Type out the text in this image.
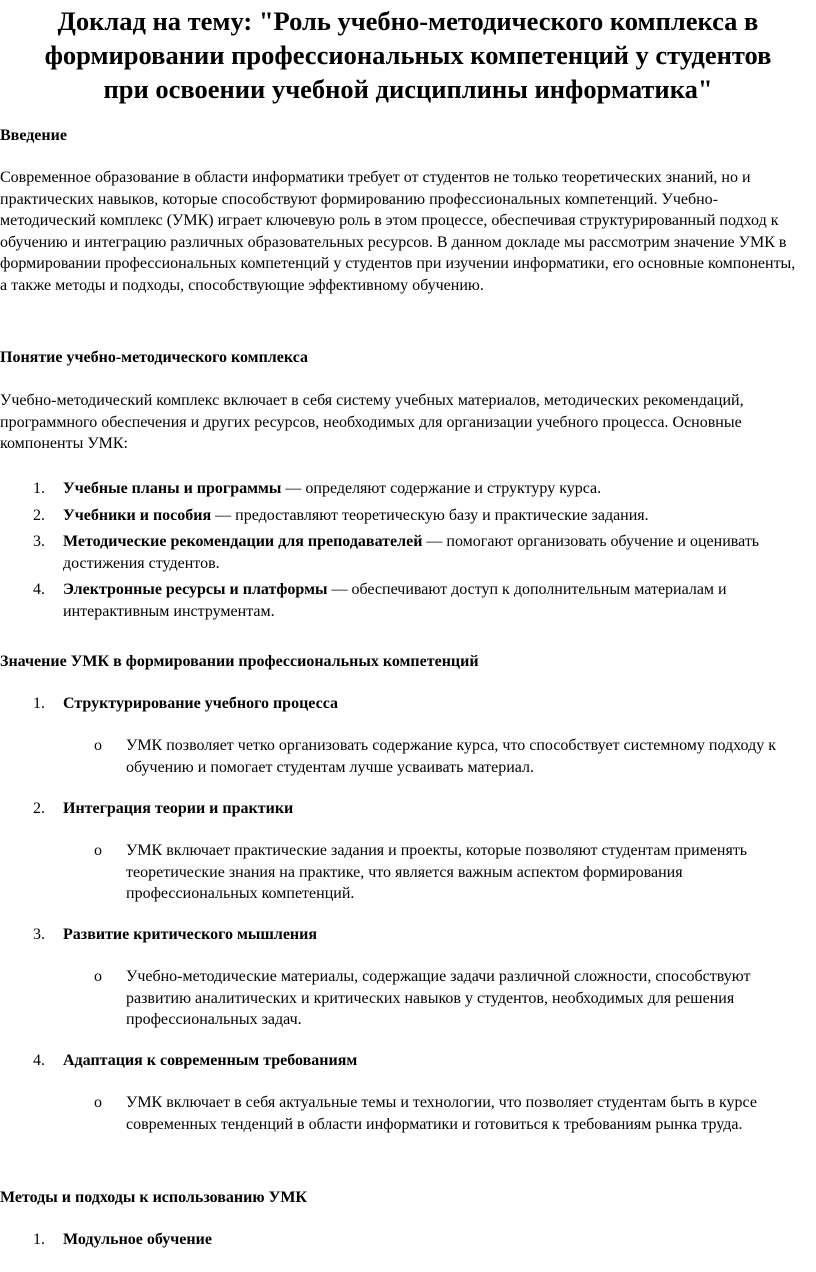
Доклад на тему: "Роль учебно-методического комплекса в формировании профессиональных компетенций у студентов при освоении учебной дисциплины информатика"
Введение

Современное образование в области информатики требует от студентов не только теоретических знаний, но и практических навыков, которые способствуют формированию профессиональных компетенций. Учебно-методический комплекс (УМК) играет ключевую роль в этом процессе, обеспечивая структурированный подход к обучению и интеграцию различных образовательных ресурсов. В данном докладе мы рассмотрим значение УМК в формировании профессиональных компетенций у студентов при изучении информатики, его основные компоненты, а также методы и подходы, способствующие эффективному обучению.

Понятие учебно-методического комплекса

Учебно-методический комплекс включает в себя систему учебных материалов, методических рекомендаций, программного обеспечения и других ресурсов, необходимых для организации учебного процесса. Основные компоненты УМК:

1. Учебные планы и программы — определяют содержание и структуру курса.
2. Учебники и пособия — предоставляют теоретическую базу и практические задания.
3. Методические рекомендации для преподавателей — помогают организовать обучение и оценивать достижения студентов.
4. Электронные ресурсы и платформы — обеспечивают доступ к дополнительным материалам и интерактивным инструментам.
Значение УМК в формировании профессиональных компетенций
1. Структурирование учебного процесса
o УМК позволяет четко организовать содержание курса, что способствует системному подходу к обучению и помогает студентам лучше усваивать материал.
2. Интеграция теории и практики
o УМК включает практические задания и проекты, которые позволяют студентам применять теоретические знания на практике, что является важным аспектом формирования профессиональных компетенций.
3. Развитие критического мышления
o Учебно-методические материалы, содержащие задачи различной сложности, способствуют развитию аналитических и критических навыков у студентов, необходимых для решения профессиональных задач.
4. Адаптация к современным требованиям
o УМК включает в себя актуальные темы и технологии, что позволяет студентам быть в курсе современных тенденций в области информатики и готовиться к требованиям рынка труда.
Методы и подходы к использованию УМК
1. Модульное обучение
